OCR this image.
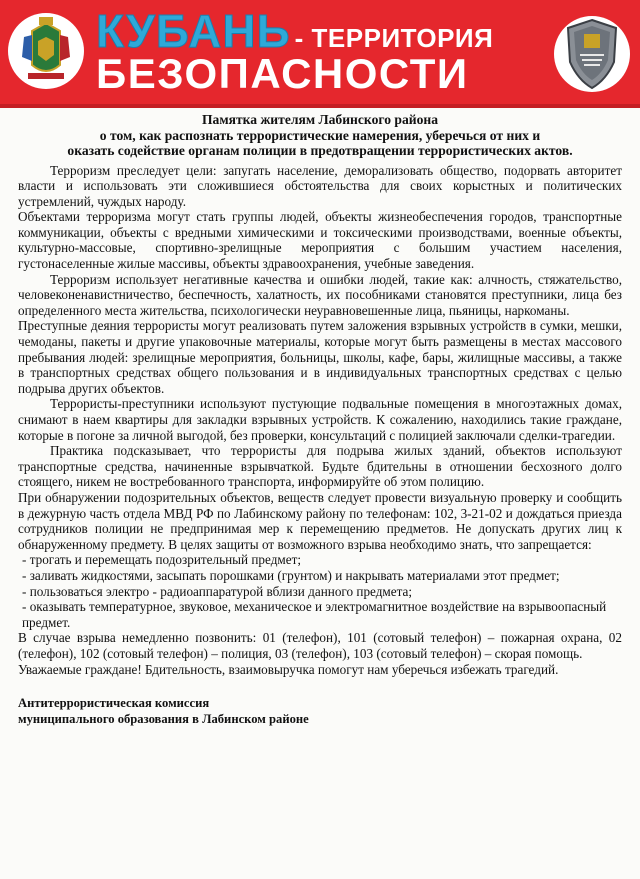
КУБАНЬ - ТЕРРИТОРИЯ
БЕЗОПАСНОСТИ
Памятка жителям Лабинского района
о том, как распознать террористические намерения, уберечься от них и
оказать содействие органам полиции в предотвращении террористических актов.

Терроризм преследует цели: запугать население, деморализовать общество, подорвать авторитет власти и использовать эти сложившиеся обстоятельства для своих корыстных и политических устремлений, чуждых народу.

Объектами терроризма могут стать группы людей, объекты жизнеобеспечения городов, транспортные коммуникации, объекты с вредными химическими и токсическими производствами, военные объекты, культурно-массовые, спортивно-зрелищные мероприятия с большим участием населения, густонаселенные жилые массивы, объекты здравоохранения, учебные заведения.

Терроризм использует негативные качества и ошибки людей, такие как: алчность, стяжательство, человеконенавистничество, беспечность, халатность, их пособниками становятся преступники, лица без определенного места жительства, психологически неуравновешенные лица, пьяницы, наркоманы.

Преступные деяния террористы могут реализовать путем заложения взрывных устройств в сумки, мешки, чемоданы, пакеты и другие упаковочные материалы, которые могут быть размещены в местах массового пребывания людей: зрелищные мероприятия, больницы, школы, кафе, бары, жилищные массивы, а также в транспортных средствах общего пользования и в индивидуальных транспортных средствах с целью подрыва других объектов.

Террористы-преступники используют пустующие подвальные помещения в многоэтажных домах, снимают в наем квартиры для закладки взрывных устройств. К сожалению, находились такие граждане, которые в погоне за личной выгодой, без проверки, консультаций с полицией заключали сделки-трагедии.

Практика подсказывает, что террористы для подрыва жилых зданий, объектов используют транспортные средства, начиненные взрывчаткой. Будьте бдительны в отношении бесхозного долго стоящего, никем не востребованного транспорта, информируйте об этом полицию.

При обнаружении подозрительных объектов, веществ следует провести визуальную проверку и сообщить в дежурную часть отдела МВД РФ по Лабинскому району по телефонам: 102, 3-21-02 и дождаться приезда сотрудников полиции не предпринимая мер к перемещению предметов. Не допускать других лиц к обнаруженному предмету. В целях защиты от возможного взрыва необходимо знать, что запрещается:

- трогать и перемещать подозрительный предмет;

- заливать жидкостями, засыпать порошками (грунтом) и накрывать материалами этот предмет;

- пользоваться электро - радиоаппаратурой вблизи данного предмета;

- оказывать температурное, звуковое, механическое и электромагнитное воздействие на взрывоопасный предмет.

В случае взрыва немедленно позвонить: 01 (телефон), 101 (сотовый телефон) – пожарная охрана, 02 (телефон), 102 (сотовый телефон) – полиция, 03 (телефон), 103 (сотовый телефон) – скорая помощь.

Уважаемые граждане! Бдительность, взаимовыручка помогут нам уберечься избежать трагедий.

Антитеррористическая комиссия
муниципального образования в Лабинском районе
